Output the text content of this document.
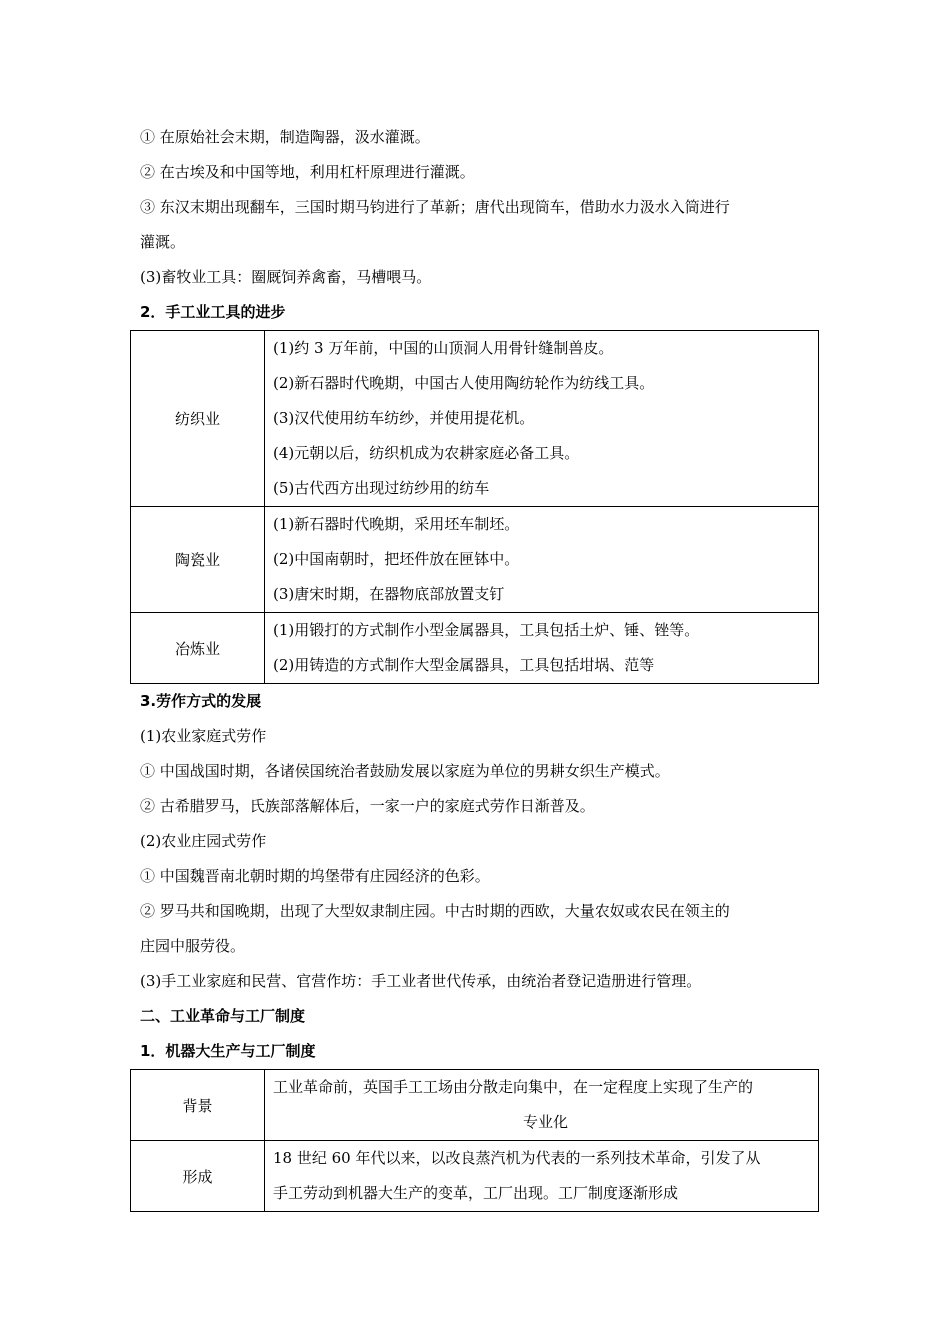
① 在原始社会末期，制造陶器，汲水灌溉。
② 在古埃及和中国等地，利用杠杆原理进行灌溉。
③ 东汉末期出现翻车，三国时期马钧进行了革新；唐代出现筒车，借助水力汲水入筒进行
灌溉。
(3)畜牧业工具：圈厩饲养禽畜，马槽喂马。
2．手工业工具的进步
纺织业	(1)约 3 万年前，中国的山顶洞人用骨针缝制兽皮。
(2)新石器时代晚期，中国古人使用陶纺轮作为纺线工具。
(3)汉代使用纺车纺纱，并使用提花机。
(4)元朝以后，纺织机成为农耕家庭必备工具。
(5)古代西方出现过纺纱用的纺车

陶瓷业	(1)新石器时代晚期，采用坯车制坯。
(2)中国南朝时，把坯件放在匣钵中。
(3)唐宋时期，在器物底部放置支钉

冶炼业	(1)用锻打的方式制作小型金属器具，工具包括土炉、锤、锉等。
(2)用铸造的方式制作大型金属器具，工具包括坩埚、范等
3.劳作方式的发展
(1)农业家庭式劳作
① 中国战国时期，各诸侯国统治者鼓励发展以家庭为单位的男耕女织生产模式。
② 古希腊罗马，氏族部落解体后，一家一户的家庭式劳作日渐普及。
(2)农业庄园式劳作
① 中国魏晋南北朝时期的坞堡带有庄园经济的色彩。
② 罗马共和国晚期，出现了大型奴隶制庄园。中古时期的西欧，大量农奴或农民在领主的
庄园中服劳役。
(3)手工业家庭和民营、官营作坊：手工业者世代传承，由统治者登记造册进行管理。
二、工业革命与工厂制度
1．机器大生产与工厂制度
背景	工业革命前，英国手工工场由分散走向集中，在一定程度上实现了生产的
专业化

形成	18 世纪 60 年代以来，以改良蒸汽机为代表的一系列技术革命，引发了从
手工劳动到机器大生产的变革，工厂出现。工厂制度逐渐形成
